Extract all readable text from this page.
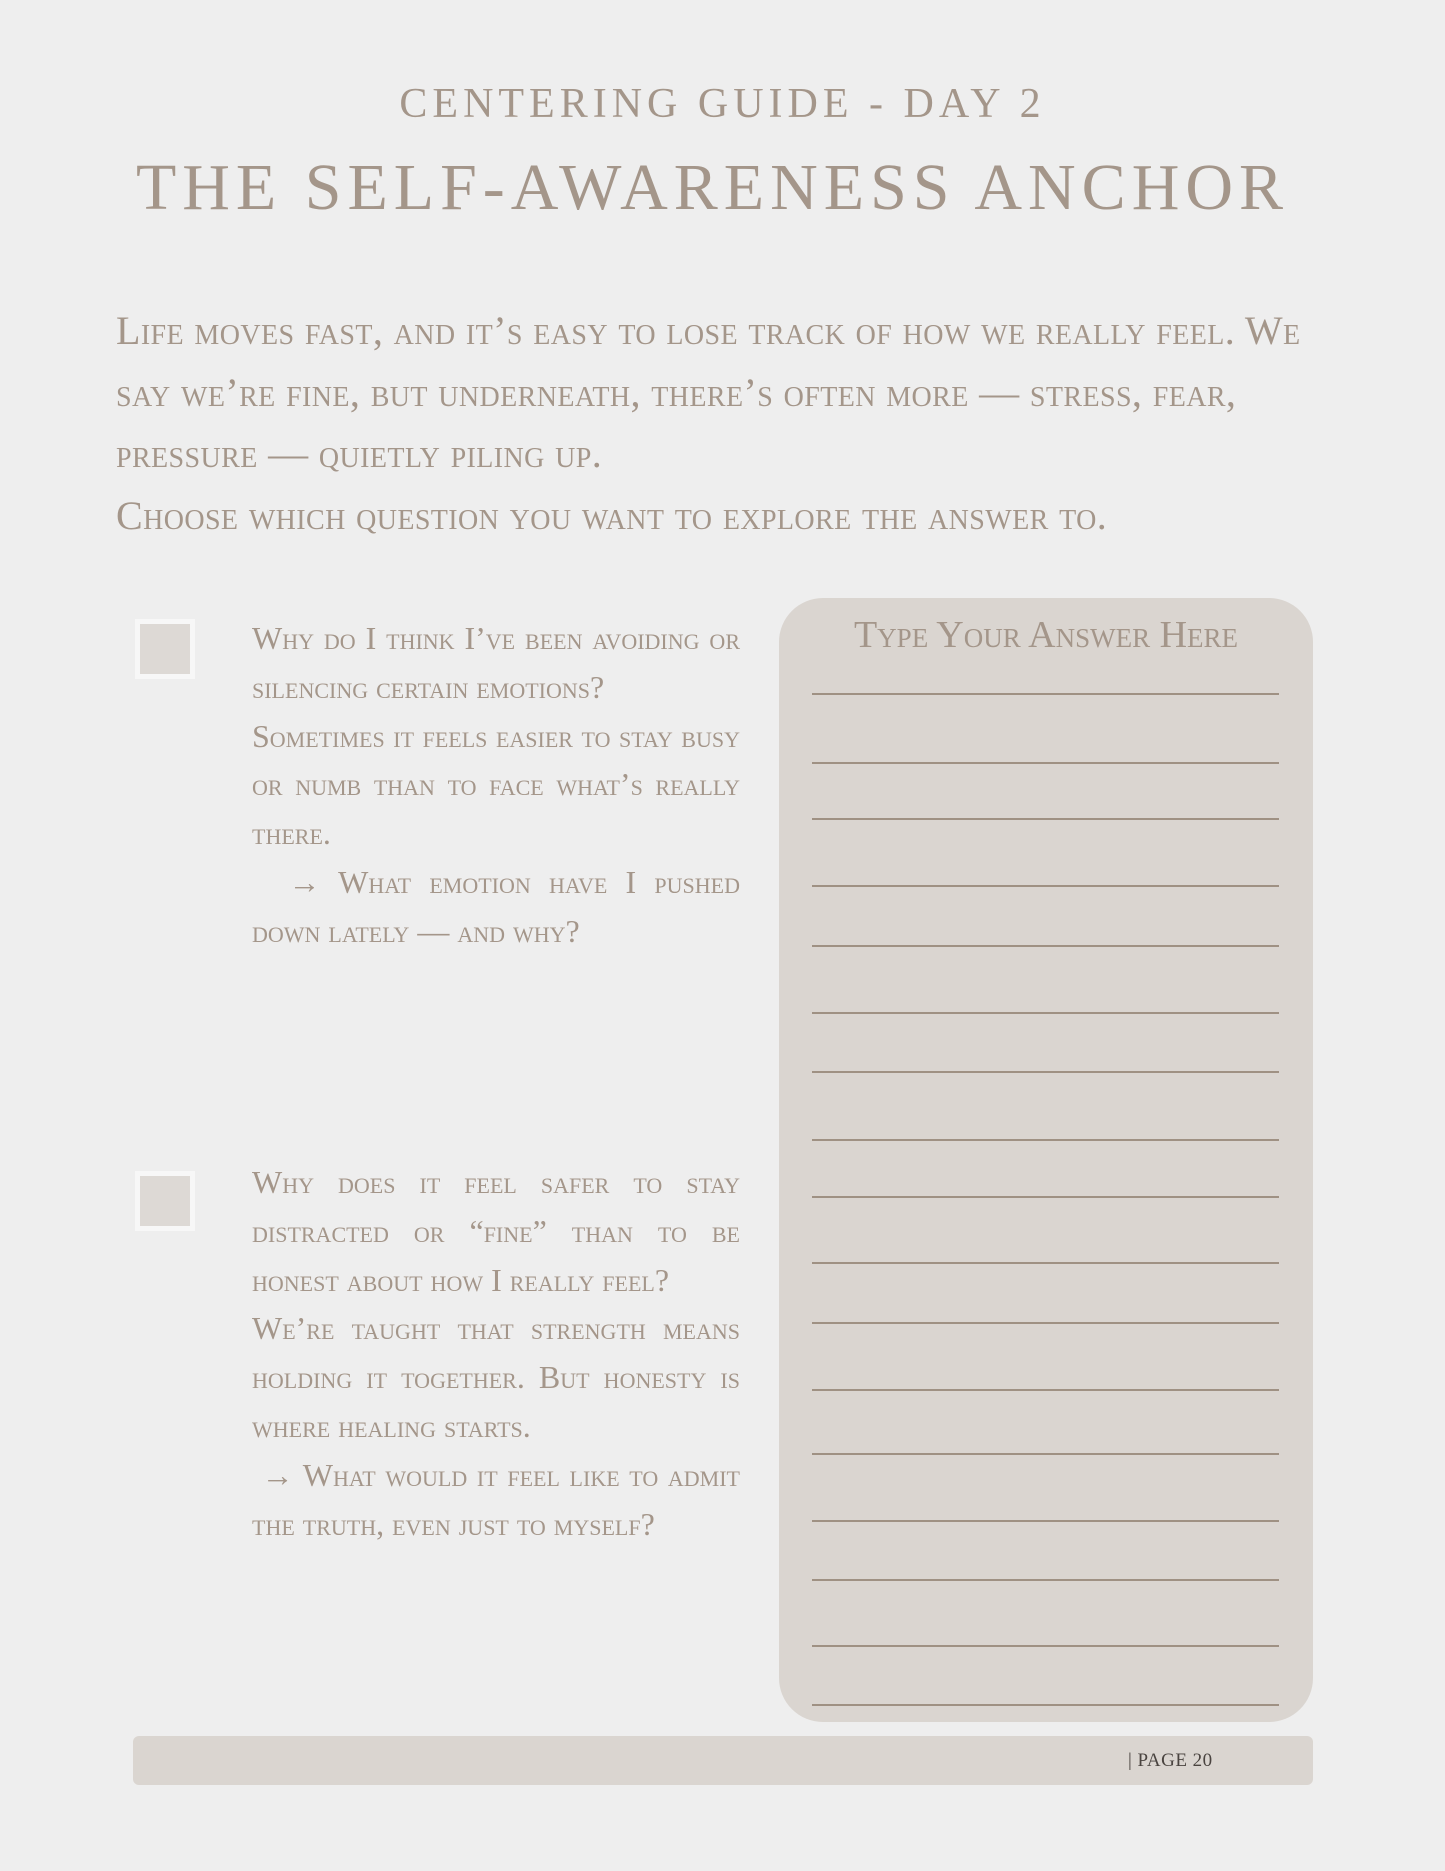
CENTERING GUIDE - DAY 2
THE SELF-AWARENESS ANCHOR

Life moves fast, and it’s easy to lose track of how we really feel. We say we’re fine, but underneath, there’s often more — stress, fear, pressure — quietly piling up.

Choose which question you want to explore the answer to.

Why do I think I’ve been avoiding or silencing certain emotions?

Sometimes it feels easier to stay busy or numb than to face what’s really there.

→ What emotion have I pushed down lately — and why?

Why does it feel safer to stay distracted or “fine” than to be honest about how I really feel?

We’re taught that strength means holding it together. But honesty is where healing starts.

→ What would it feel like to admit the truth, even just to myself?

Type Your Answer Here
| PAGE 20
